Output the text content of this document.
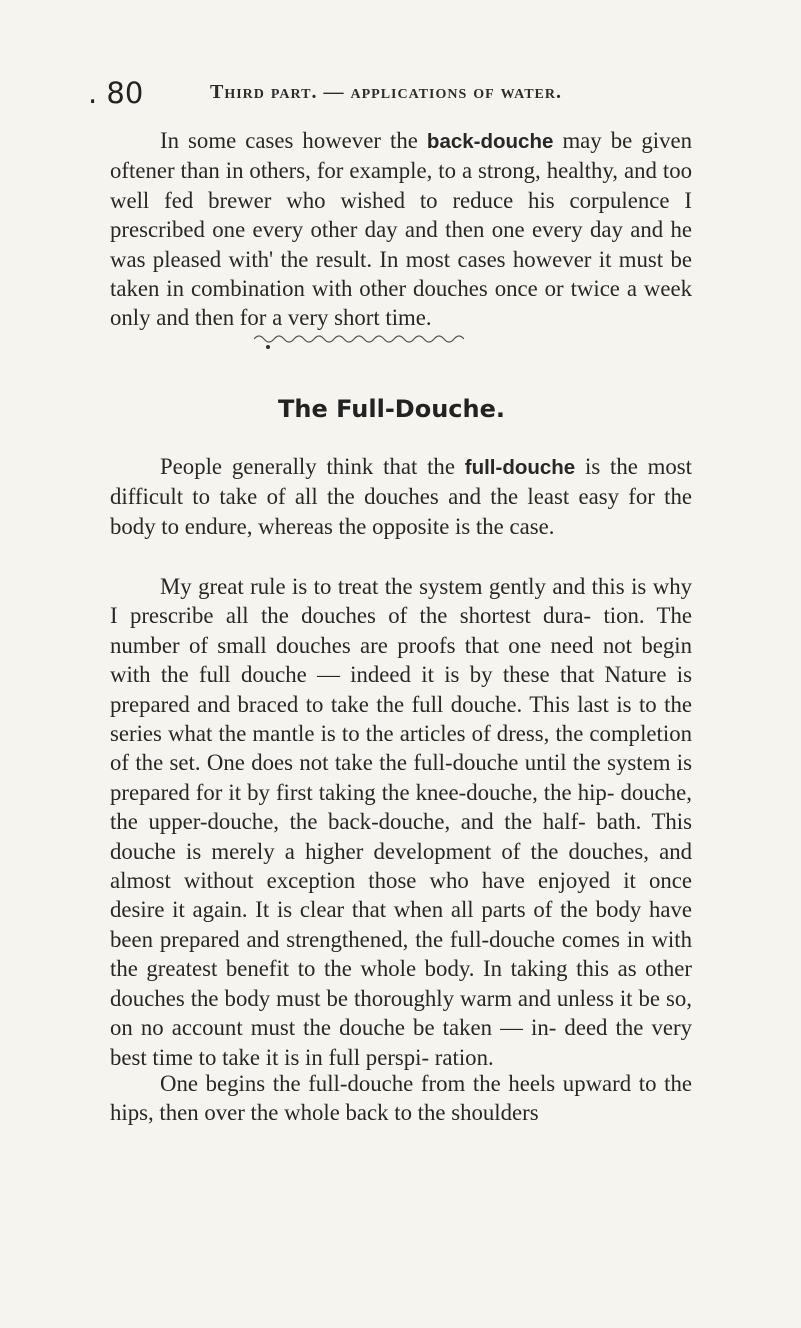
. 80	Third part. — applications of water.

In some cases however the back-douche may be given oftener than in others, for example, to a strong, healthy, and too well fed brewer who wished to reduce his corpulence I prescribed one every other day and then one every day and he was pleased with' the result. In most cases however it must be taken in combination with other douches once or twice a week only and then for a very short time.

The Full-Douche.

People generally think that the full-douche is the most difficult to take of all the douches and the least easy for the body to endure, whereas the opposite is the case.

My great rule is to treat the system gently and this is why I prescribe all the douches of the shortest dura- tion. The number of small douches are proofs that one need not begin with the full douche — indeed it is by these that Nature is prepared and braced to take the full douche. This last is to the series what the mantle is to the articles of dress, the completion of the set. One does not take the full-douche until the system is prepared for it by first taking the knee-douche, the hip- douche, the upper-douche, the back-douche, and the half- bath. This douche is merely a higher development of the douches, and almost without exception those who have enjoyed it once desire it again. It is clear that when all parts of the body have been prepared and strengthened, the full-douche comes in with the greatest benefit to the whole body. In taking this as other douches the body must be thoroughly warm and unless it be so, on no account must the douche be taken — in- deed the very best time to take it is in full perspi- ration.

One begins the full-douche from the heels upward to the hips, then over the whole back to the shoulders
